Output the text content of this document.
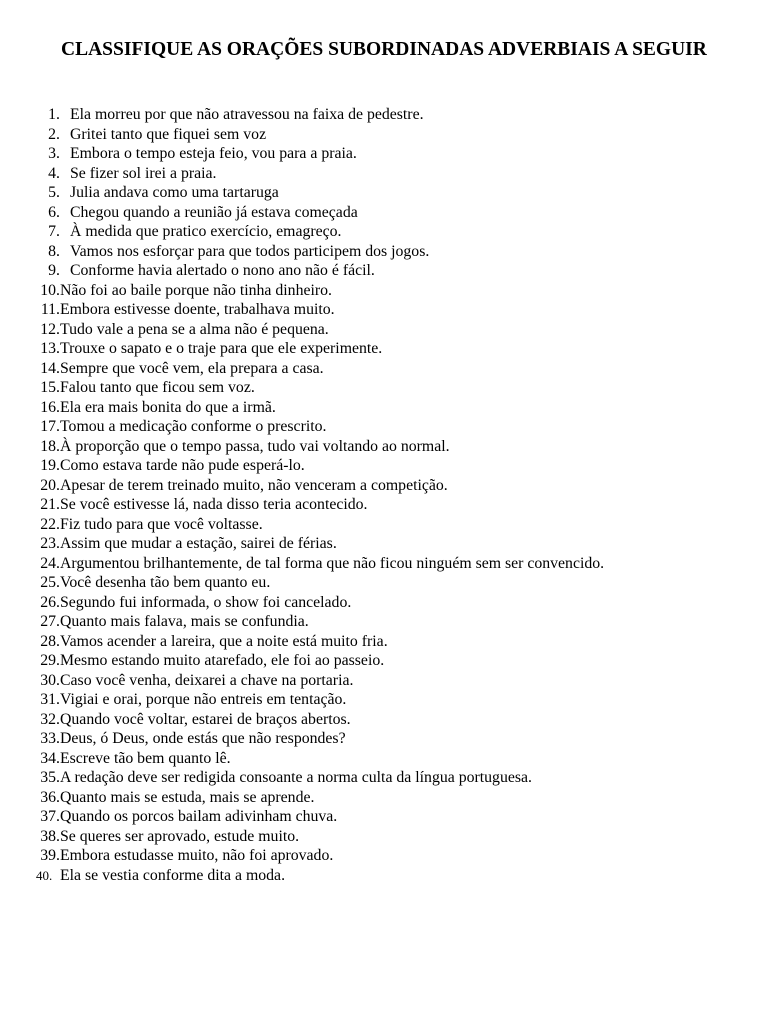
CLASSIFIQUE AS ORAÇÕES SUBORDINADAS ADVERBIAIS A SEGUIR
1. Ela morreu por que não atravessou na faixa de pedestre.
2. Gritei tanto que fiquei sem voz
3. Embora o tempo esteja feio, vou para a praia.
4. Se fizer sol irei a praia.
5. Julia andava como uma tartaruga
6. Chegou quando a reunião já estava começada
7. À medida que pratico exercício, emagreço.
8. Vamos nos esforçar para que todos participem dos jogos.
9. Conforme havia alertado o nono ano não é fácil.
10.Não foi ao baile porque não tinha dinheiro.
11.Embora estivesse doente, trabalhava muito.
12.Tudo vale a pena se a alma não é pequena.
13.Trouxe o sapato e o traje para que ele experimente.
14.Sempre que você vem, ela prepara a casa.
15.Falou tanto que ficou sem voz.
16.Ela era mais bonita do que a irmã.
17.Tomou a medicação conforme o prescrito.
18.À proporção que o tempo passa, tudo vai voltando ao normal.
19.Como estava tarde não pude esperá-lo.
20.Apesar de terem treinado muito, não venceram a competição.
21.Se você estivesse lá, nada disso teria acontecido.
22.Fiz tudo para que você voltasse.
23.Assim que mudar a estação, sairei de férias.
24.Argumentou brilhantemente, de tal forma que não ficou ninguém sem ser convencido.
25.Você desenha tão bem quanto eu.
26.Segundo fui informada, o show foi cancelado.
27.Quanto mais falava, mais se confundia.
28.Vamos acender a lareira, que a noite está muito fria.
29.Mesmo estando muito atarefado, ele foi ao passeio.
30.Caso você venha, deixarei a chave na portaria.
31.Vigiai e orai, porque não entreis em tentação.
32.Quando você voltar, estarei de braços abertos.
33.Deus, ó Deus, onde estás que não respondes?
34.Escreve tão bem quanto lê.
35.A redação deve ser redigida consoante a norma culta da língua portuguesa.
36.Quanto mais se estuda, mais se aprende.
37.Quando os porcos bailam adivinham chuva.
38.Se queres ser aprovado, estude muito.
39.Embora estudasse muito, não foi aprovado.
40. Ela se vestia conforme dita a moda.
